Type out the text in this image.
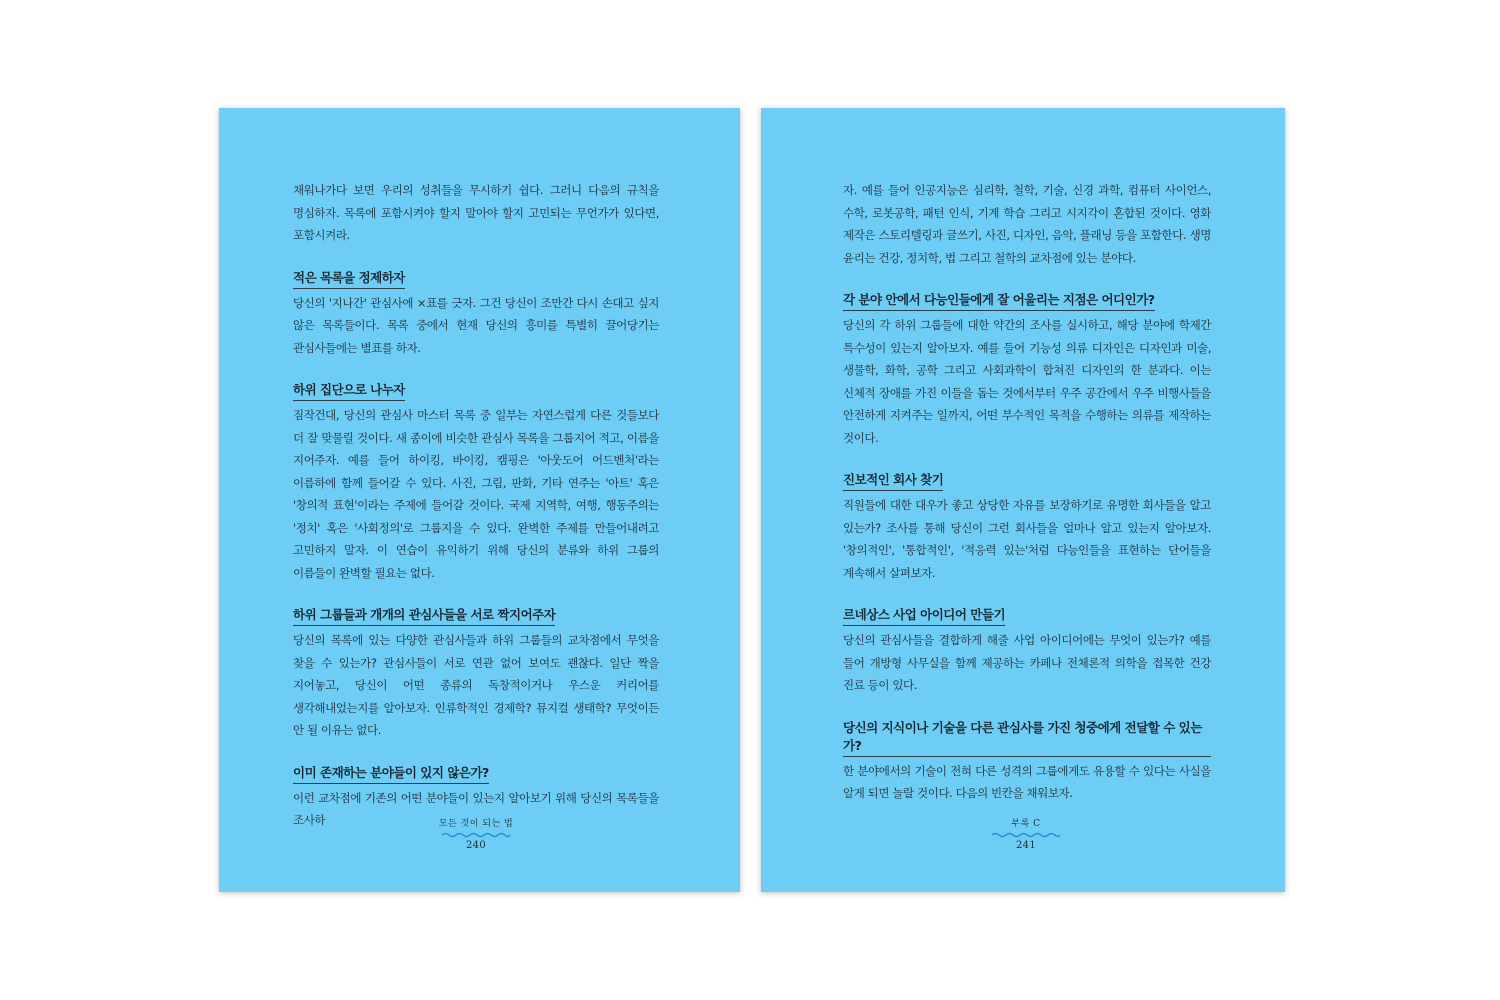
채워나가다 보면 우리의 성취들을 무시하기 쉽다. 그러니 다음의 규칙을 명심하자. 목록에 포함시켜야 할지 말아야 할지 고민되는 무언가가 있다면, 포함시켜라.

적은 목록을 정제하자

당신의 '지나간' 관심사에 ×표를 긋자. 그건 당신이 조만간 다시 손대고 싶지 않은 목록들이다. 목록 중에서 현재 당신의 흥미를 특별히 끌어당기는 관심사들에는 별표를 하자.

하위 집단으로 나누자

짐작건대, 당신의 관심사 마스터 목록 중 일부는 자연스럽게 다른 것들보다 더 잘 맞물릴 것이다. 새 종이에 비슷한 관심사 목록을 그룹지어 적고, 이름을 지어주자. 예를 들어 하이킹, 바이킹, 캠핑은 '아웃도어 어드벤처'라는 이름하에 함께 들어갈 수 있다. 사진, 그림, 판화, 기타 연주는 '아트' 혹은 '창의적 표현'이라는 주제에 들어갈 것이다. 국제 지역학, 여행, 행동주의는 '정치' 혹은 '사회정의'로 그룹지을 수 있다. 완벽한 주제를 만들어내려고 고민하지 말자. 이 연습이 유익하기 위해 당신의 분류와 하위 그룹의 이름들이 완벽할 필요는 없다.

하위 그룹들과 개개의 관심사들을 서로 짝지어주자

당신의 목록에 있는 다양한 관심사들과 하위 그룹들의 교차점에서 무엇을 찾을 수 있는가? 관심사들이 서로 연관 없어 보여도 괜찮다. 일단 짝을 지어놓고, 당신이 어떤 종류의 독창적이거나 우스운 커리어를 생각해내었는지를 알아보자. 인류학적인 경제학? 뮤지컬 생태학? 무엇이든 안 될 이유는 없다.

이미 존재하는 분야들이 있지 않은가?

이런 교차점에 기존의 어떤 분야들이 있는지 알아보기 위해 당신의 목록들을 조사하	모든 것이 되는 법
240

자. 예를 들어 인공지능은 심리학, 철학, 기술, 신경 과학, 컴퓨터 사이언스, 수학, 로봇공학, 패턴 인식, 기계 학습 그리고 시지각이 혼합된 것이다. 영화 제작은 스토리텔링과 글쓰기, 사진, 디자인, 음악, 플래닝 등을 포함한다. 생명 윤리는 건강, 정치학, 법 그리고 철학의 교차점에 있는 분야다.

각 분야 안에서 다능인들에게 잘 어울리는 지점은 어디인가?

당신의 각 하위 그룹들에 대한 약간의 조사를 실시하고, 해당 분야에 학제간 특수성이 있는지 알아보자. 예를 들어 기능성 의류 디자인은 디자인과 미술, 생물학, 화학, 공학 그리고 사회과학이 합쳐진 디자인의 한 분과다. 이는 신체적 장애를 가진 이들을 돕는 것에서부터 우주 공간에서 우주 비행사들을 안전하게 지켜주는 일까지, 어떤 부수적인 목적을 수행하는 의류를 제작하는 것이다.

진보적인 회사 찾기

직원들에 대한 대우가 좋고 상당한 자유를 보장하기로 유명한 회사들을 알고 있는가? 조사를 통해 당신이 그런 회사들을 얼마나 알고 있는지 알아보자. '창의적인', '통합적인', '적응력 있는'처럼 다능인들을 표현하는 단어들을 계속해서 살펴보자.

르네상스 사업 아이디어 만들기

당신의 관심사들을 결합하게 해줄 사업 아이디어에는 무엇이 있는가? 예를 들어 개방형 사무실을 함께 제공하는 카페나 전체론적 의학을 접목한 건강 진료 등이 있다.

당신의 지식이나 기술을 다른 관심사를 가진 청중에게 전달할 수 있는가?

한 분야에서의 기술이 전혀 다른 성격의 그룹에게도 유용할 수 있다는 사실을 알게 되면 놀랄 것이다. 다음의 빈칸을 채워보자.

부록 C
241
